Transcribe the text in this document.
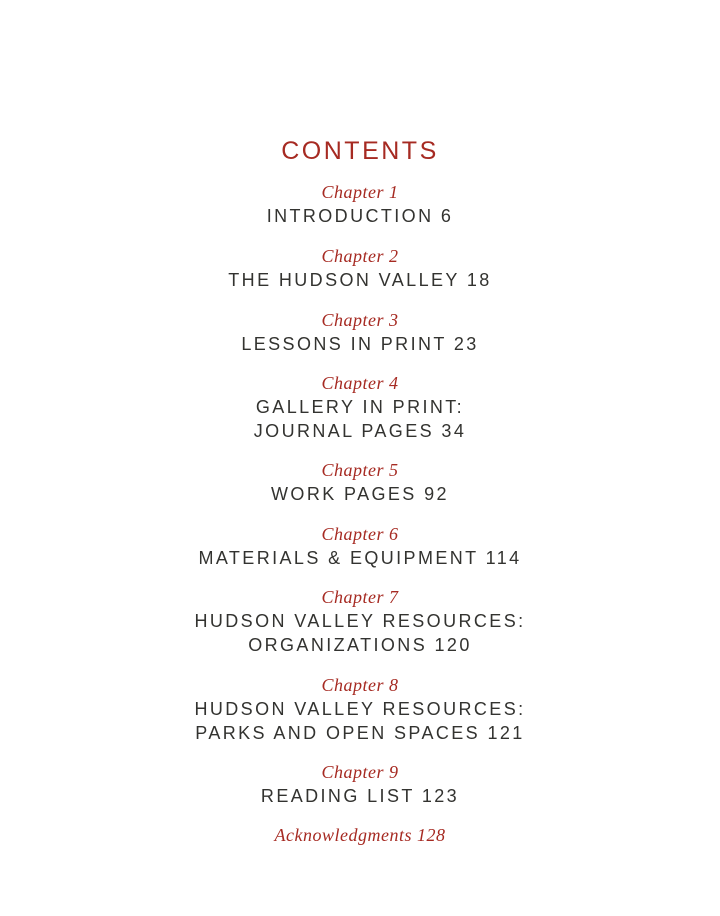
CONTENTS
Chapter 1
INTRODUCTION 6
Chapter 2
THE HUDSON VALLEY 18
Chapter 3
LESSONS IN PRINT 23
Chapter 4
GALLERY IN PRINT:
JOURNAL PAGES 34
Chapter 5
WORK PAGES 92
Chapter 6
MATERIALS & EQUIPMENT 114
Chapter 7
HUDSON VALLEY RESOURCES:
ORGANIZATIONS 120
Chapter 8
HUDSON VALLEY RESOURCES:
PARKS AND OPEN SPACES 121
Chapter 9
READING LIST 123
Acknowledgments 128
